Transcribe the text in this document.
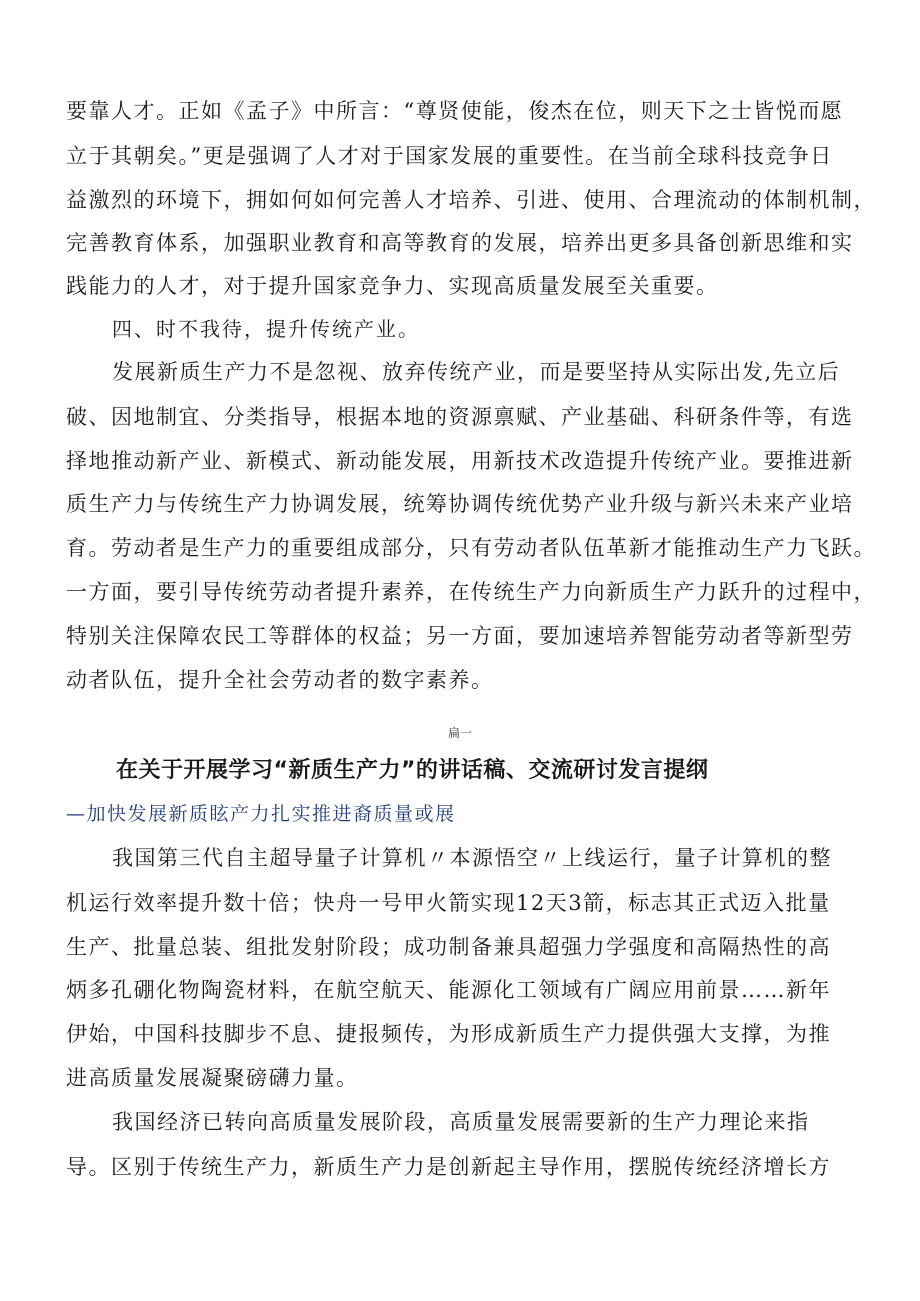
要靠人才。正如《孟子》中所言：“尊贤使能，俊杰在位，则天下之士皆悦而愿
立于其朝矣。”更是强调了人才对于国家发展的重要性。在当前全球科技竞争日
益激烈的环境下，拥如何如何完善人才培养、引进、使用、合理流动的体制机制，
完善教育体系，加强职业教育和高等教育的发展，培养出更多具备创新思维和实
践能力的人才，对于提升国家竞争力、实现高质量发展至关重要。
四、时不我待，提升传统产业。
发展新质生产力不是忽视、放弃传统产业，而是要坚持从实际出发,先立后
破、因地制宜、分类指导，根据本地的资源禀赋、产业基础、科研条件等，有选
择地推动新产业、新模式、新动能发展，用新技术改造提升传统产业。要推进新
质生产力与传统生产力协调发展，统筹协调传统优势产业升级与新兴未来产业培
育。劳动者是生产力的重要组成部分，只有劳动者队伍革新才能推动生产力飞跃。
一方面，要引导传统劳动者提升素养，在传统生产力向新质生产力跃升的过程中，
特别关注保障农民工等群体的权益；另一方面，要加速培养智能劳动者等新型劳
动者队伍，提升全社会劳动者的数字素养。
扁一
在关于开展学习“新质生产力”的讲话稿、交流研讨发言提纲
—加快发展新质眩产力扎实推进裔质量或展
我国第三代自主超导量子计算机〃本源悟空〃上线运行，量子计算机的整
机运行效率提升数十倍；快舟一号甲火箭实现12天3箭，标志其正式迈入批量
生产、批量总装、组批发射阶段；成功制备兼具超强力学强度和高隔热性的高
炳多孔硼化物陶瓷材料，在航空航天、能源化工领域有广阔应用前景……新年
伊始，中国科技脚步不息、捷报频传，为形成新质生产力提供强大支撑，为推
进高质量发展凝聚磅礴力量。
我国经济已转向高质量发展阶段，高质量发展需要新的生产力理论来指
导。区别于传统生产力，新质生产力是创新起主导作用，摆脱传统经济增长方
